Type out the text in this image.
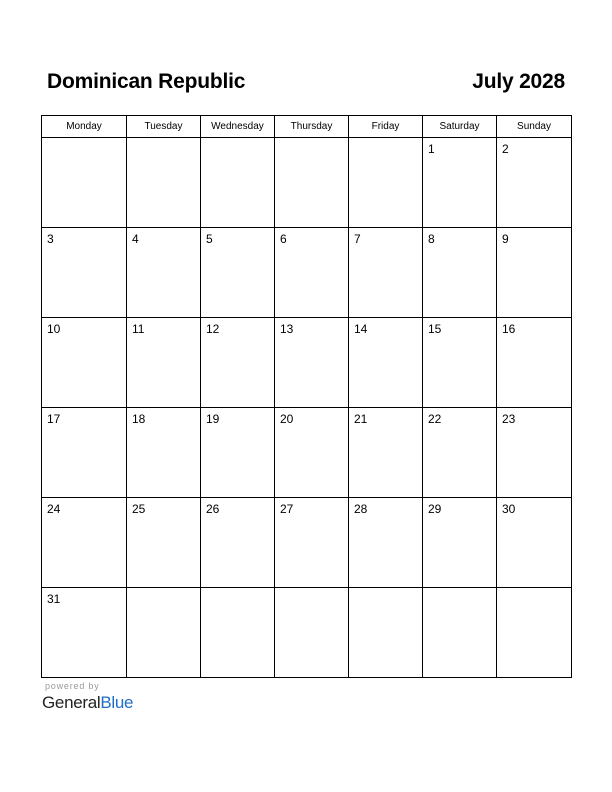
Dominican Republic	July 2028
Monday	Tuesday	Wednesday	Thursday	Friday	Saturday	Sunday

					1	2

3	4	5	6	7	8	9

10	11	12	13	14	15	16

17	18	19	20	21	22	23

24	25	26	27	28	29	30

31						

powered by
GeneralBlue
